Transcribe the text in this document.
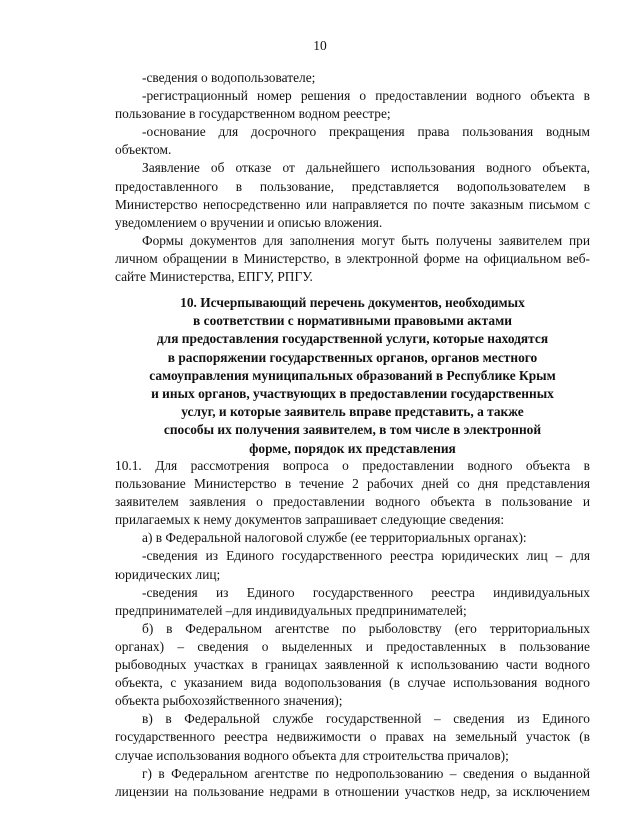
10
-сведения о водопользователе;
-регистрационный номер решения о предоставлении водного объекта в
пользование в государственном водном реестре;
-основание для досрочного прекращения права пользования водным
объектом.
Заявление об отказе от дальнейшего использования водного объекта,
предоставленного в пользование, представляется водопользователем в
Министерство непосредственно или направляется по почте заказным письмом с
уведомлением о вручении и описью вложения.
Формы документов для заполнения могут быть получены заявителем при
личном обращении в Министерство, в электронной форме на официальном веб-
сайте Министерства, ЕПГУ, РПГУ.
10. Исчерпывающий перечень документов, необходимых
в соответствии с нормативными правовыми актами
для предоставления государственной услуги, которые находятся
в распоряжении государственных органов, органов местного
самоуправления муниципальных образований в Республике Крым
и иных органов, участвующих в предоставлении государственных
услуг, и которые заявитель вправе представить, а также
способы их получения заявителем, в том числе в электронной
форме, порядок их представления
10.1. Для рассмотрения вопроса о предоставлении водного объекта в
пользование Министерство в течение 2 рабочих дней со дня представления
заявителем заявления о предоставлении водного объекта в пользование и
прилагаемых к нему документов запрашивает следующие сведения:
а) в Федеральной налоговой службе (ее территориальных органах):
-сведения из Единого государственного реестра юридических лиц – для
юридических лиц;
-сведения из Единого государственного реестра индивидуальных
предпринимателей –для индивидуальных предпринимателей;
б) в Федеральном агентстве по рыболовству (его территориальных
органах) – сведения о выделенных и предоставленных в пользование
рыбоводных участках в границах заявленной к использованию части водного
объекта, с указанием вида водопользования (в случае использования водного
объекта рыбохозяйственного значения);
в) в Федеральной службе государственной – сведения из Единого
государственного реестра недвижимости о правах на земельный участок (в
случае использования водного объекта для строительства причалов);
г) в Федеральном агентстве по недропользованию – сведения о выданной
лицензии на пользование недрами в отношении участков недр, за исключением
